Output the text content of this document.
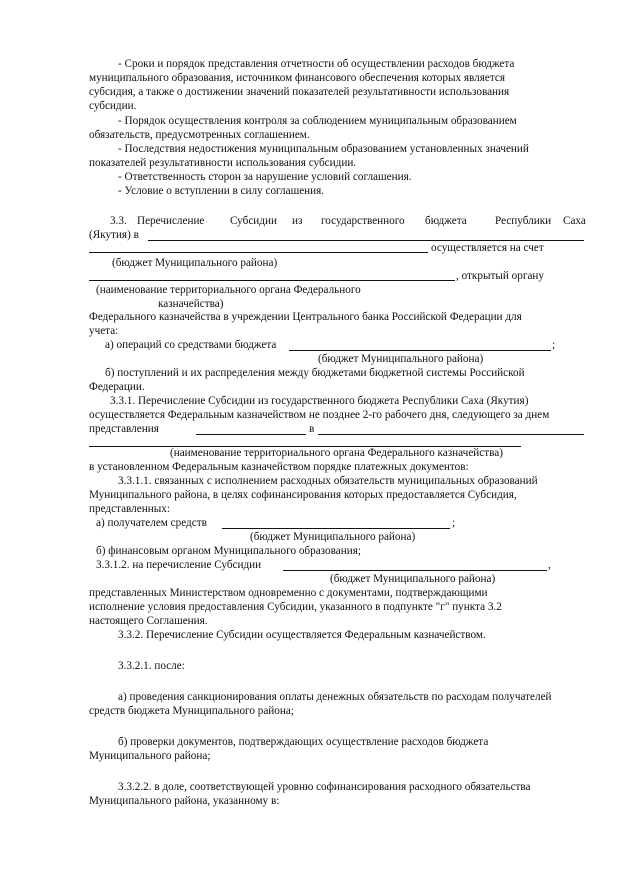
- Сроки и порядок представления отчетности об осуществлении расходов бюджета
муниципального образования, источником финансового обеспечения которых является
субсидия, а также о достижении значений показателей результативности использования
субсидии.
- Порядок осуществления контроля за соблюдением муниципальным образованием
обязательств, предусмотренных соглашением.
- Последствия недостижения муниципальным образованием установленных значений
показателей результативности использования субсидии.
- Ответственность сторон за нарушение условий соглашения.
- Условие о вступлении в силу соглашения.
3.3. Перечисление Субсидии из государственного бюджета	Республики Саха
(Якутия) в
осуществляется на счет
(бюджет Муниципального района)
, открытый органу
(наименование территориального органа Федерального
казначейства)
Федерального казначейства в учреждении Центрального банка Российской Федерации для
учета:
а) операций со средствами бюджета	;
(бюджет Муниципального района)
б) поступлений и их распределения между бюджетами бюджетной системы Российской
Федерации.
3.3.1. Перечисление Субсидии из государственного бюджета Республики Саха (Якутия)
осуществляется Федеральным казначейством не позднее 2-го рабочего дня, следующего за днем
представления	в
(наименование территориального органа Федерального казначейства)
в установленном Федеральным казначейством порядке платежных документов:
3.3.1.1. связанных с исполнением расходных обязательств муниципальных образований
Муниципального района, в целях софинансирования которых предоставляется Субсидия,
представленных:
а) получателем средств	;
(бюджет Муниципального района)
б) финансовым органом Муниципального образования;
3.3.1.2. на перечисление Субсидии	,
(бюджет Муниципального района)
представленных Министерством одновременно с документами, подтверждающими
исполнение условия предоставления Субсидии, указанного в подпункте "г" пункта 3.2
настоящего Соглашения.
3.3.2. Перечисление Субсидии осуществляется Федеральным казначейством.
3.3.2.1. после:
а) проведения санкционирования оплаты денежных обязательств по расходам получателей
средств бюджета Муниципального района;
б) проверки документов, подтверждающих осуществление расходов бюджета
Муниципального района;
3.3.2.2. в доле, соответствующей уровню софинансирования расходного обязательства
Муниципального района, указанному в:
